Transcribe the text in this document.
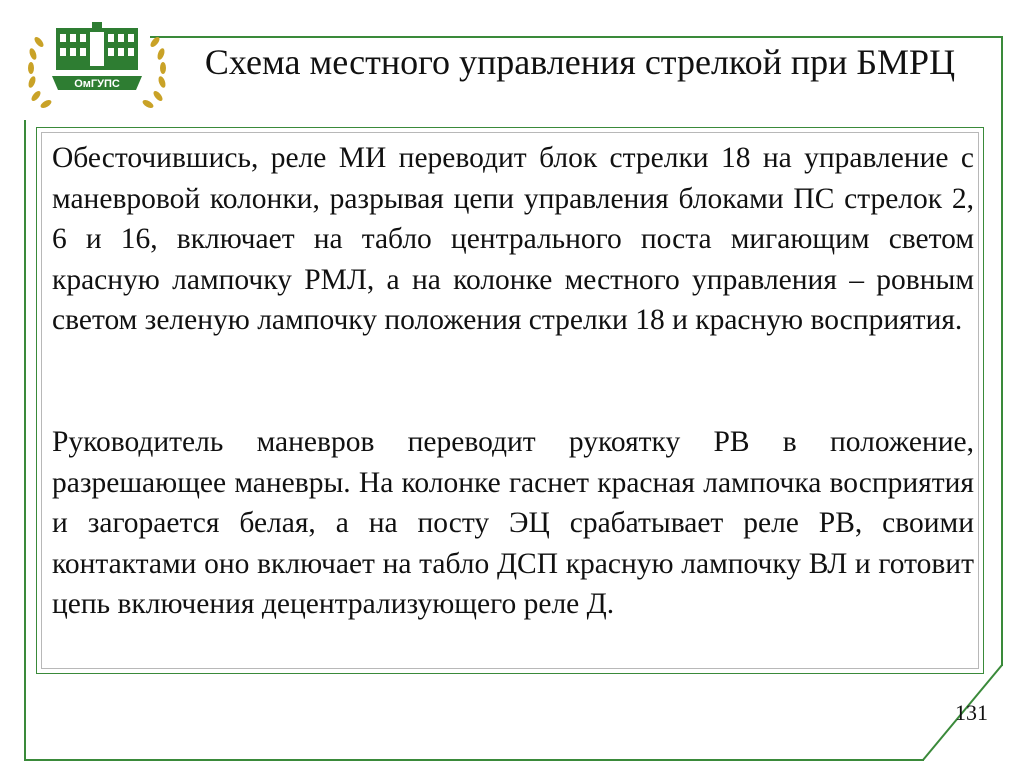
ОмГУПС
Схема местного управления стрелкой при БМРЦ

Обесточившись, реле МИ переводит блок стрелки 18 на управление с маневровой колонки, разрывая цепи управления блоками ПС стрелок 2, 6 и 16, включает на табло центрального поста мигающим светом красную лампочку РМЛ, а на колонке местного управления – ровным светом зеленую лампочку положения стрелки 18 и красную восприятия.

Руководитель маневров переводит рукоятку РВ в положение, разрешающее маневры. На колонке гаснет красная лампочка восприятия и загорается белая, а на посту ЭЦ срабатывает реле РВ, своими контактами оно включает на табло ДСП красную лампочку ВЛ и готовит цепь включения децентрализующего реле Д.

131
